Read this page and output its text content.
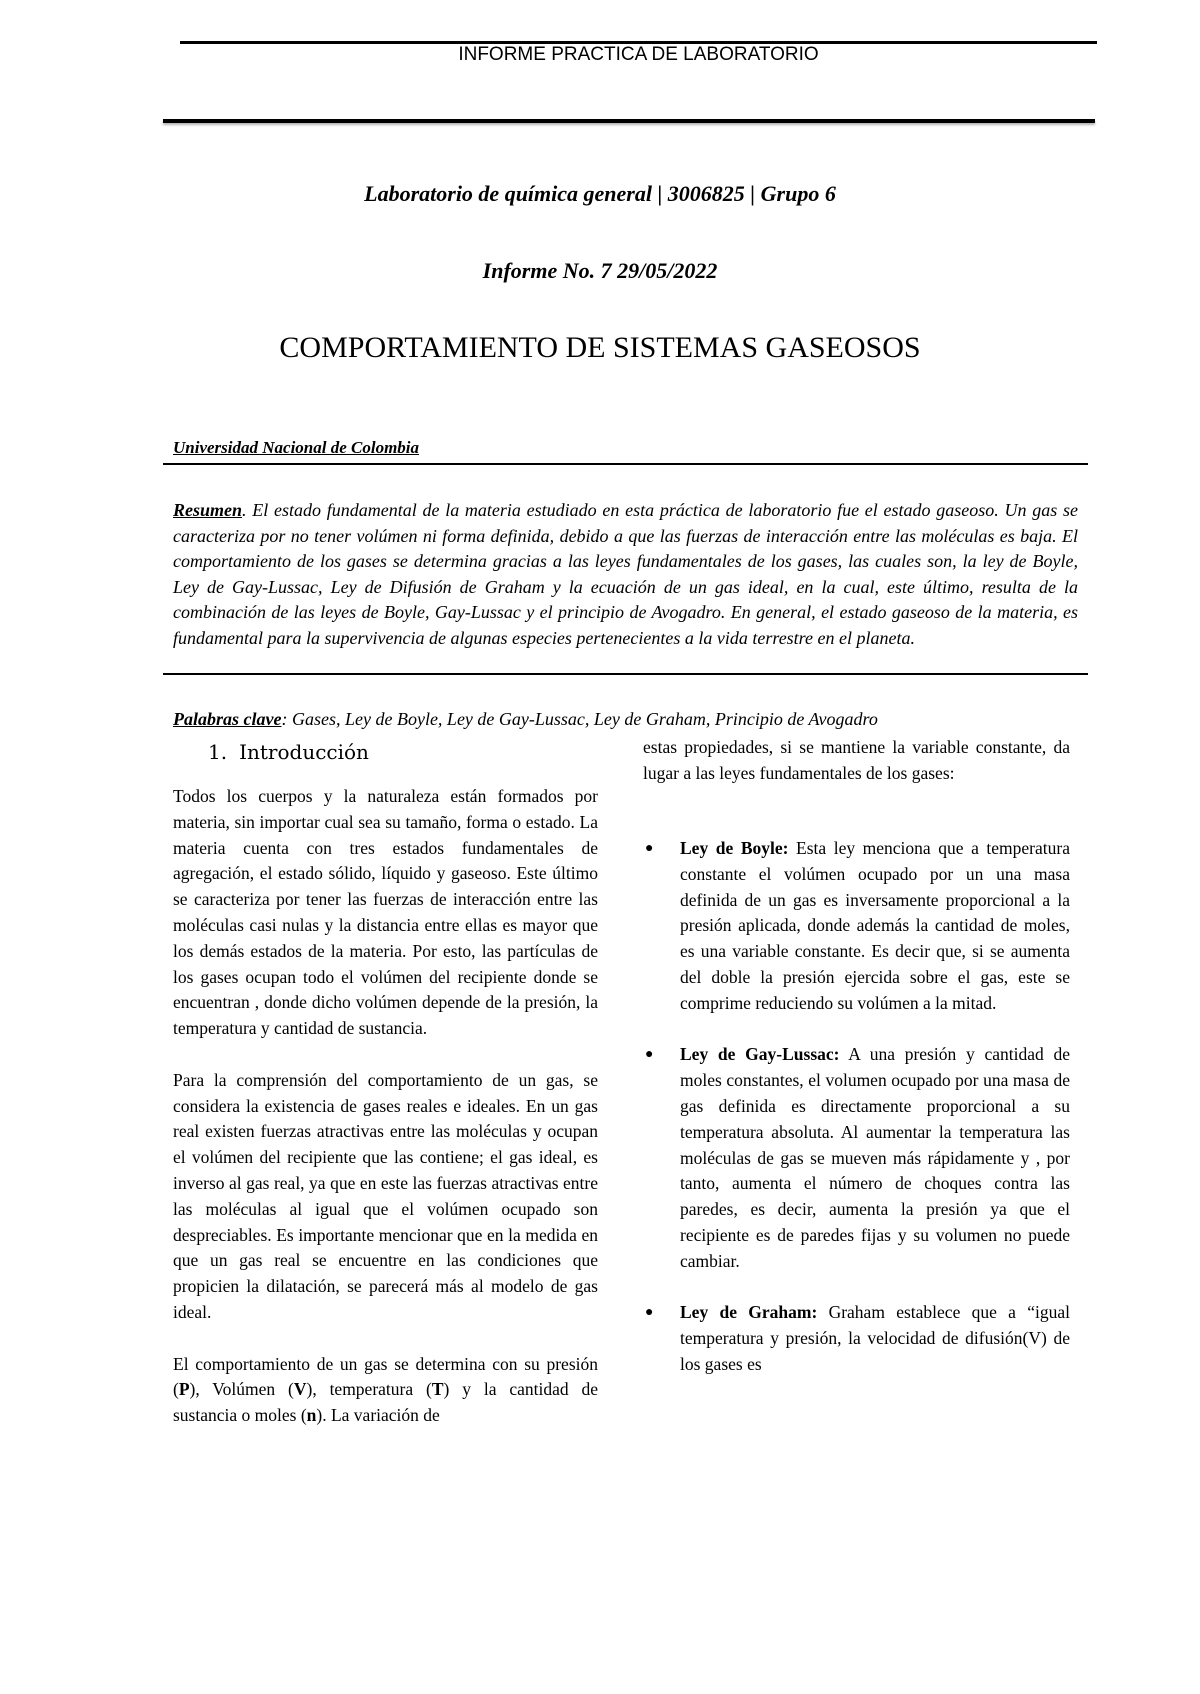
INFORME PRACTICA DE LABORATORIO
Laboratorio de química general | 3006825 | Grupo 6
Informe No. 7 29/05/2022
COMPORTAMIENTO DE SISTEMAS GASEOSOS
Universidad Nacional de Colombia

Resumen. El estado fundamental de la materia estudiado en esta práctica de laboratorio fue el estado gaseoso. Un gas se caracteriza por no tener volúmen ni forma definida, debido a que las fuerzas de interacción entre las moléculas es baja. El comportamiento de los gases se determina gracias a las leyes fundamentales de los gases, las cuales son, la ley de Boyle, Ley de Gay-Lussac, Ley de Difusión de Graham y la ecuación de un gas ideal, en la cual, este último, resulta de la combinación de las leyes de Boyle, Gay-Lussac y el principio de Avogadro. En general, el estado gaseoso de la materia, es fundamental para la supervivencia de algunas especies pertenecientes a la vida terrestre en el planeta.

Palabras clave: Gases, Ley de Boyle, Ley de Gay-Lussac, Ley de Graham, Principio de Avogadro
1. Introducción

Todos los cuerpos y la naturaleza están formados por materia, sin importar cual sea su tamaño, forma o estado. La materia cuenta con tres estados fundamentales de agregación, el estado sólido, líquido y gaseoso. Este último se caracteriza por tener las fuerzas de interacción entre las moléculas casi nulas y la distancia entre ellas es mayor que los demás estados de la materia. Por esto, las partículas de los gases ocupan todo el volúmen del recipiente donde se encuentran , donde dicho volúmen depende de la presión, la temperatura y cantidad de sustancia.

Para la comprensión del comportamiento de un gas, se considera la existencia de gases reales e ideales. En un gas real existen fuerzas atractivas entre las moléculas y ocupan el volúmen del recipiente que las contiene; el gas ideal, es inverso al gas real, ya que en este las fuerzas atractivas entre las moléculas al igual que el volúmen ocupado son despreciables. Es importante mencionar que en la medida en que un gas real se encuentre en las condiciones que propicien la dilatación, se parecerá más al modelo de gas ideal.

El comportamiento de un gas se determina con su presión (P), Volúmen (V), temperatura (T) y la cantidad de sustancia o moles (n). La variación de

estas propiedades, si se mantiene la variable constante, da lugar a las leyes fundamentales de los gases:

● Ley de Boyle: Esta ley menciona que a temperatura constante el volúmen ocupado por un una masa definida de un gas es inversamente proporcional a la presión aplicada, donde además la cantidad de moles, es una variable constante. Es decir que, si se aumenta del doble la presión ejercida sobre el gas, este se comprime reduciendo su volúmen a la mitad.
● Ley de Gay-Lussac: A una presión y cantidad de moles constantes, el volumen ocupado por una masa de gas definida es directamente proporcional a su temperatura absoluta. Al aumentar la temperatura las moléculas de gas se mueven más rápidamente y , por tanto, aumenta el número de choques contra las paredes, es decir, aumenta la presión ya que el recipiente es de paredes fijas y su volumen no puede cambiar.
● Ley de Graham: Graham establece que a “igual temperatura y presión, la velocidad de difusión(V) de los gases es
